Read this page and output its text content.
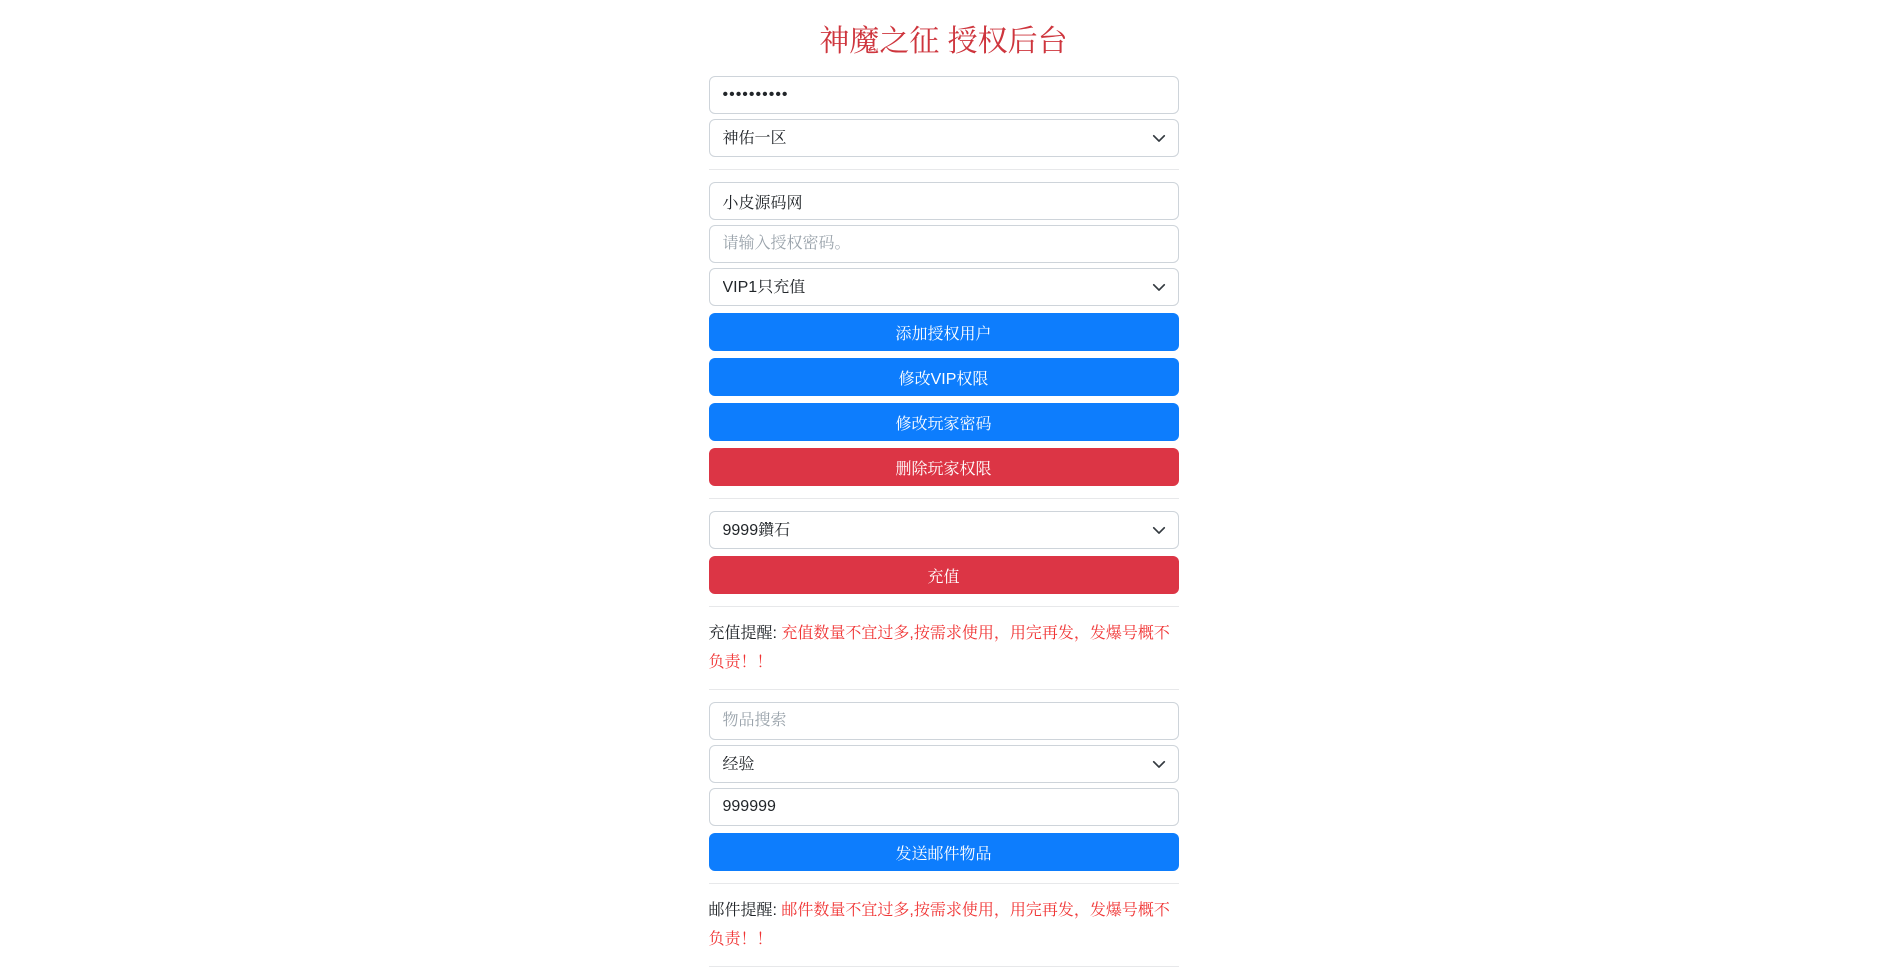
神魔之征 授权后台
••••••••••
神佑一区
小皮源码网
请输入授权密码。
VIP1只充值
添加授权用户
修改VIP权限
修改玩家密码
删除玩家权限
9999鑽石
充值

充值提醒: 充值数量不宜过多,按需求使用，用完再发，发爆号概不负责！！

物品搜索
经验
999999
发送邮件物品

邮件提醒: 邮件数量不宜过多,按需求使用，用完再发，发爆号概不负责！！
